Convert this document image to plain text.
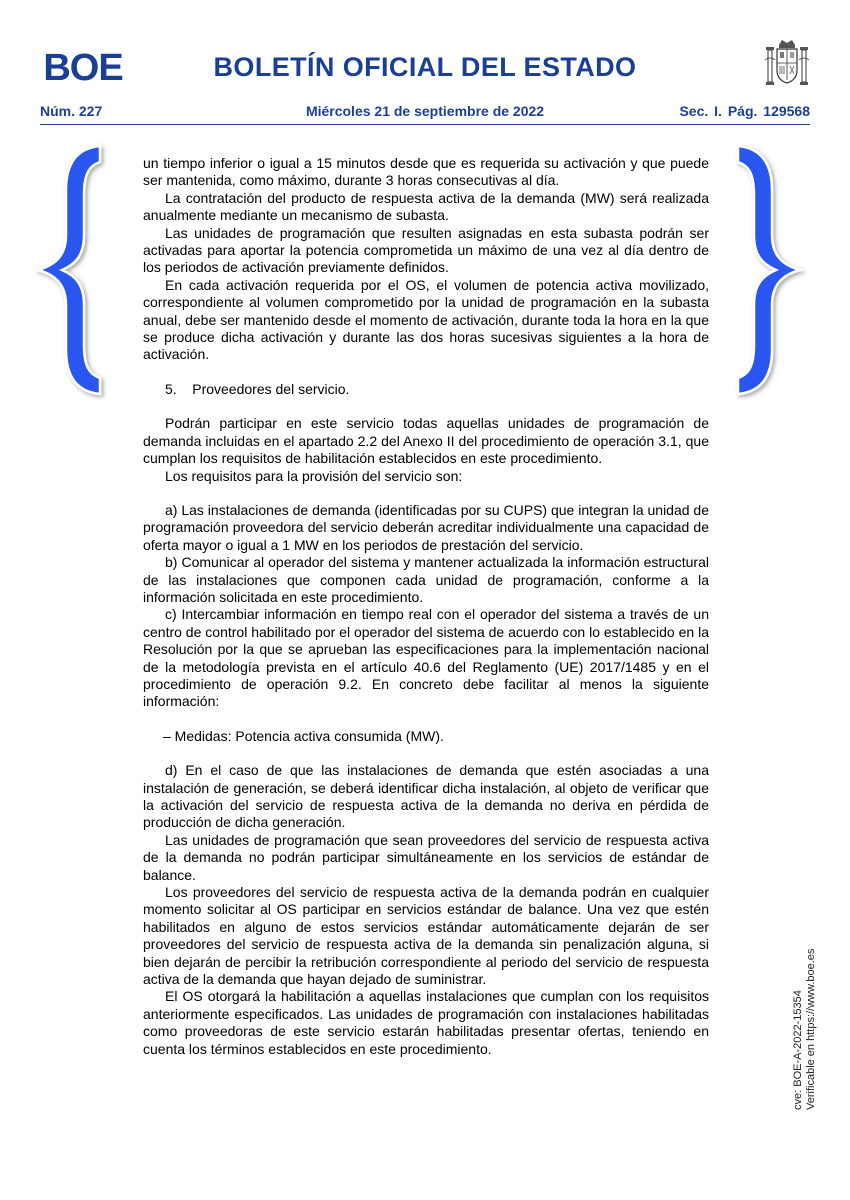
BOE	BOLETÍN OFICIAL DEL ESTADO
Núm. 227	Miércoles 21 de septiembre de 2022	Sec. I. Pág. 129568

un tiempo inferior o igual a 15 minutos desde que es requerida su activación y que puede ser mantenida, como máximo, durante 3 horas consecutivas al día.

La contratación del producto de respuesta activa de la demanda (MW) será realizada anualmente mediante un mecanismo de subasta.

Las unidades de programación que resulten asignadas en esta subasta podrán ser activadas para aportar la potencia comprometida un máximo de una vez al día dentro de los periodos de activación previamente definidos.

En cada activación requerida por el OS, el volumen de potencia activa movilizado, correspondiente al volumen comprometido por la unidad de programación en la subasta anual, debe ser mantenido desde el momento de activación, durante toda la hora en la que se produce dicha activación y durante las dos horas sucesivas siguientes a la hora de activación.

5.    Proveedores del servicio.

Podrán participar en este servicio todas aquellas unidades de programación de demanda incluidas en el apartado 2.2 del Anexo II del procedimiento de operación 3.1, que cumplan los requisitos de habilitación establecidos en este procedimiento.

Los requisitos para la provisión del servicio son:

a) Las instalaciones de demanda (identificadas por su CUPS) que integran la unidad de programación proveedora del servicio deberán acreditar individualmente una capacidad de oferta mayor o igual a 1 MW en los periodos de prestación del servicio.

b) Comunicar al operador del sistema y mantener actualizada la información estructural de las instalaciones que componen cada unidad de programación, conforme a la información solicitada en este procedimiento.

c) Intercambiar información en tiempo real con el operador del sistema a través de un centro de control habilitado por el operador del sistema de acuerdo con lo establecido en la Resolución por la que se aprueban las especificaciones para la implementación nacional de la metodología prevista en el artículo 40.6 del Reglamento (UE) 2017/1485 y en el procedimiento de operación 9.2. En concreto debe facilitar al menos la siguiente información:

– Medidas: Potencia activa consumida (MW).

d) En el caso de que las instalaciones de demanda que estén asociadas a una instalación de generación, se deberá identificar dicha instalación, al objeto de verificar que la activación del servicio de respuesta activa de la demanda no deriva en pérdida de producción de dicha generación.

Las unidades de programación que sean proveedores del servicio de respuesta activa de la demanda no podrán participar simultáneamente en los servicios de estándar de balance.

Los proveedores del servicio de respuesta activa de la demanda podrán en cualquier momento solicitar al OS participar en servicios estándar de balance. Una vez que estén habilitados en alguno de estos servicios estándar automáticamente dejarán de ser proveedores del servicio de respuesta activa de la demanda sin penalización alguna, si bien dejarán de percibir la retribución correspondiente al periodo del servicio de respuesta activa de la demanda que hayan dejado de suministrar.

El OS otorgará la habilitación a aquellas instalaciones que cumplan con los requisitos anteriormente especificados. Las unidades de programación con instalaciones habilitadas como proveedoras de este servicio estarán habilitadas presentar ofertas, teniendo en cuenta los términos establecidos en este procedimiento.	cve: BOE-A-2022-15354 Verificable en https://www.boe.es
